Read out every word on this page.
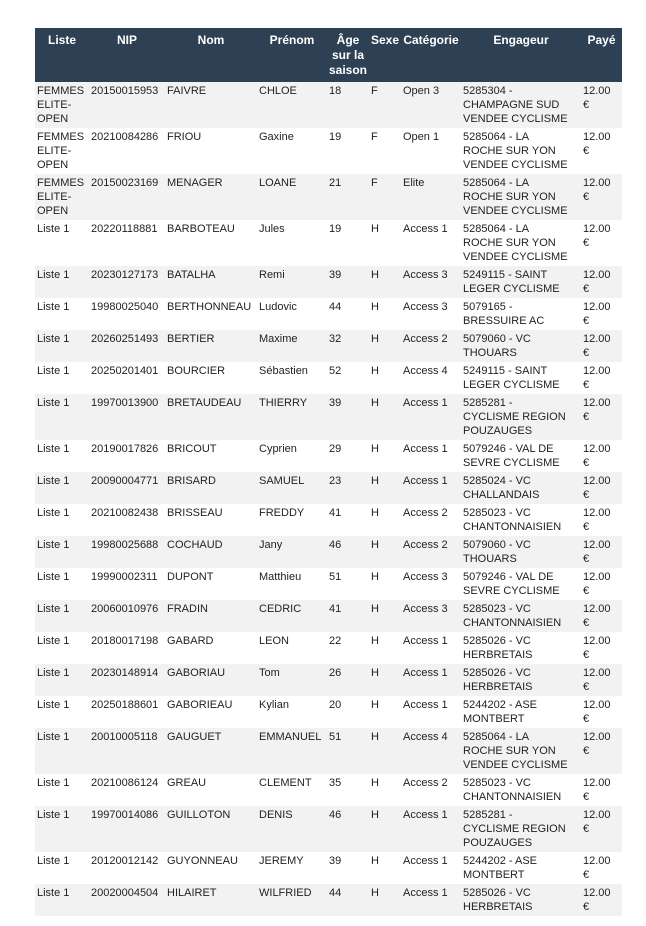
Liste	NIP	Nom	Prénom	Âge sur la saison	Sexe	Catégorie	Engageur	Payé
FEMMES ELITE-OPEN	20150015953	FAIVRE	CHLOE	18	F	Open 3	5285304 - CHAMPAGNE SUD VENDEE CYCLISME	12.00 €
FEMMES ELITE-OPEN	20210084286	FRIOU	Gaxine	19	F	Open 1	5285064 - LA ROCHE SUR YON VENDEE CYCLISME	12.00 €
FEMMES ELITE-OPEN	20150023169	MENAGER	LOANE	21	F	Elite	5285064 - LA ROCHE SUR YON VENDEE CYCLISME	12.00 €
Liste 1	20220118881	BARBOTEAU	Jules	19	H	Access 1	5285064 - LA ROCHE SUR YON VENDEE CYCLISME	12.00 €
Liste 1	20230127173	BATALHA	Remi	39	H	Access 3	5249115 - SAINT LEGER CYCLISME	12.00 €
Liste 1	19980025040	BERTHONNEAU	Ludovic	44	H	Access 3	5079165 - BRESSUIRE AC	12.00 €
Liste 1	20260251493	BERTIER	Maxime	32	H	Access 2	5079060 - VC THOUARS	12.00 €
Liste 1	20250201401	BOURCIER	Sébastien	52	H	Access 4	5249115 - SAINT LEGER CYCLISME	12.00 €
Liste 1	19970013900	BRETAUDEAU	THIERRY	39	H	Access 1	5285281 - CYCLISME REGION POUZAUGES	12.00 €
Liste 1	20190017826	BRICOUT	Cyprien	29	H	Access 1	5079246 - VAL DE SEVRE CYCLISME	12.00 €
Liste 1	20090004771	BRISARD	SAMUEL	23	H	Access 1	5285024 - VC CHALLANDAIS	12.00 €
Liste 1	20210082438	BRISSEAU	FREDDY	41	H	Access 2	5285023 - VC CHANTONNAISIEN	12.00 €
Liste 1	19980025688	COCHAUD	Jany	46	H	Access 2	5079060 - VC THOUARS	12.00 €
Liste 1	19990002311	DUPONT	Matthieu	51	H	Access 3	5079246 - VAL DE SEVRE CYCLISME	12.00 €
Liste 1	20060010976	FRADIN	CEDRIC	41	H	Access 3	5285023 - VC CHANTONNAISIEN	12.00 €
Liste 1	20180017198	GABARD	LEON	22	H	Access 1	5285026 - VC HERBRETAIS	12.00 €
Liste 1	20230148914	GABORIAU	Tom	26	H	Access 1	5285026 - VC HERBRETAIS	12.00 €
Liste 1	20250188601	GABORIEAU	Kylian	20	H	Access 1	5244202 - ASE MONTBERT	12.00 €
Liste 1	20010005118	GAUGUET	EMMANUEL	51	H	Access 4	5285064 - LA ROCHE SUR YON VENDEE CYCLISME	12.00 €
Liste 1	20210086124	GREAU	CLEMENT	35	H	Access 2	5285023 - VC CHANTONNAISIEN	12.00 €
Liste 1	19970014086	GUILLOTON	DENIS	46	H	Access 1	5285281 - CYCLISME REGION POUZAUGES	12.00 €
Liste 1	20120012142	GUYONNEAU	JEREMY	39	H	Access 1	5244202 - ASE MONTBERT	12.00 €
Liste 1	20020004504	HILAIRET	WILFRIED	44	H	Access 1	5285026 - VC HERBRETAIS	12.00 €
